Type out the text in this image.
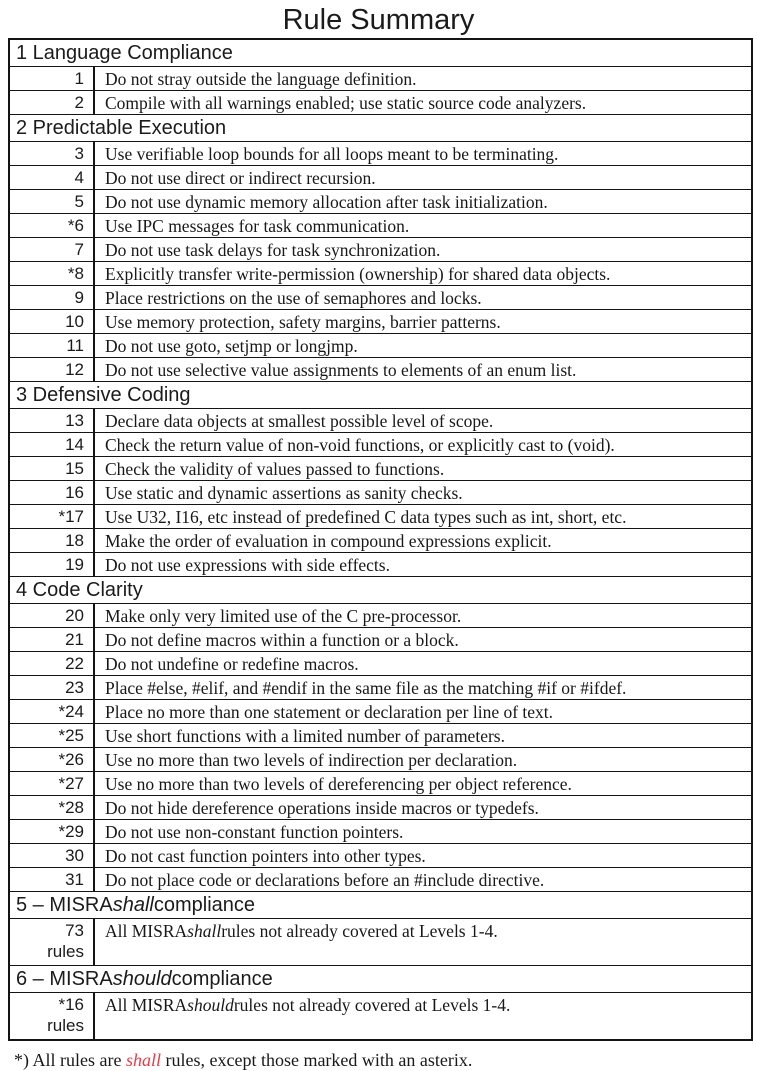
Rule Summary
1 Language Compliance
1 Do not stray outside the language definition.
2 Compile with all warnings enabled; use static source code analyzers.
2 Predictable Execution
3 Use verifiable loop bounds for all loops meant to be terminating.
4 Do not use direct or indirect recursion.
5 Do not use dynamic memory allocation after task initialization.
*6 Use IPC messages for task communication.
7 Do not use task delays for task synchronization.
*8 Explicitly transfer write-permission (ownership) for shared data objects.
9 Place restrictions on the use of semaphores and locks.
10 Use memory protection, safety margins, barrier patterns.
11 Do not use goto, setjmp or longjmp.
12 Do not use selective value assignments to elements of an enum list.
3 Defensive Coding
13 Declare data objects at smallest possible level of scope.
14 Check the return value of non-void functions, or explicitly cast to (void).
15 Check the validity of values passed to functions.
16 Use static and dynamic assertions as sanity checks.
*17 Use U32, I16, etc instead of predefined C data types such as int, short, etc.
18 Make the order of evaluation in compound expressions explicit.
19 Do not use expressions with side effects.
4 Code Clarity
20 Make only very limited use of the C pre-processor.
21 Do not define macros within a function or a block.
22 Do not undefine or redefine macros.
23 Place #else, #elif, and #endif in the same file as the matching #if or #ifdef.
*24 Place no more than one statement or declaration per line of text.
*25 Use short functions with a limited number of parameters.
*26 Use no more than two levels of indirection per declaration.
*27 Use no more than two levels of dereferencing per object reference.
*28 Do not hide dereference operations inside macros or typedefs.
*29 Do not use non-constant function pointers.
30 Do not cast function pointers into other types.
31 Do not place code or declarations before an #include directive.
5 – MISRA shall compliance
73
rules
All MISRA shall rules not already covered at Levels 1-4.
6 – MISRA should compliance
*16
rules
All MISRA should rules not already covered at Levels 1-4.
*) All rules are shall rules, except those marked with an asterix.
